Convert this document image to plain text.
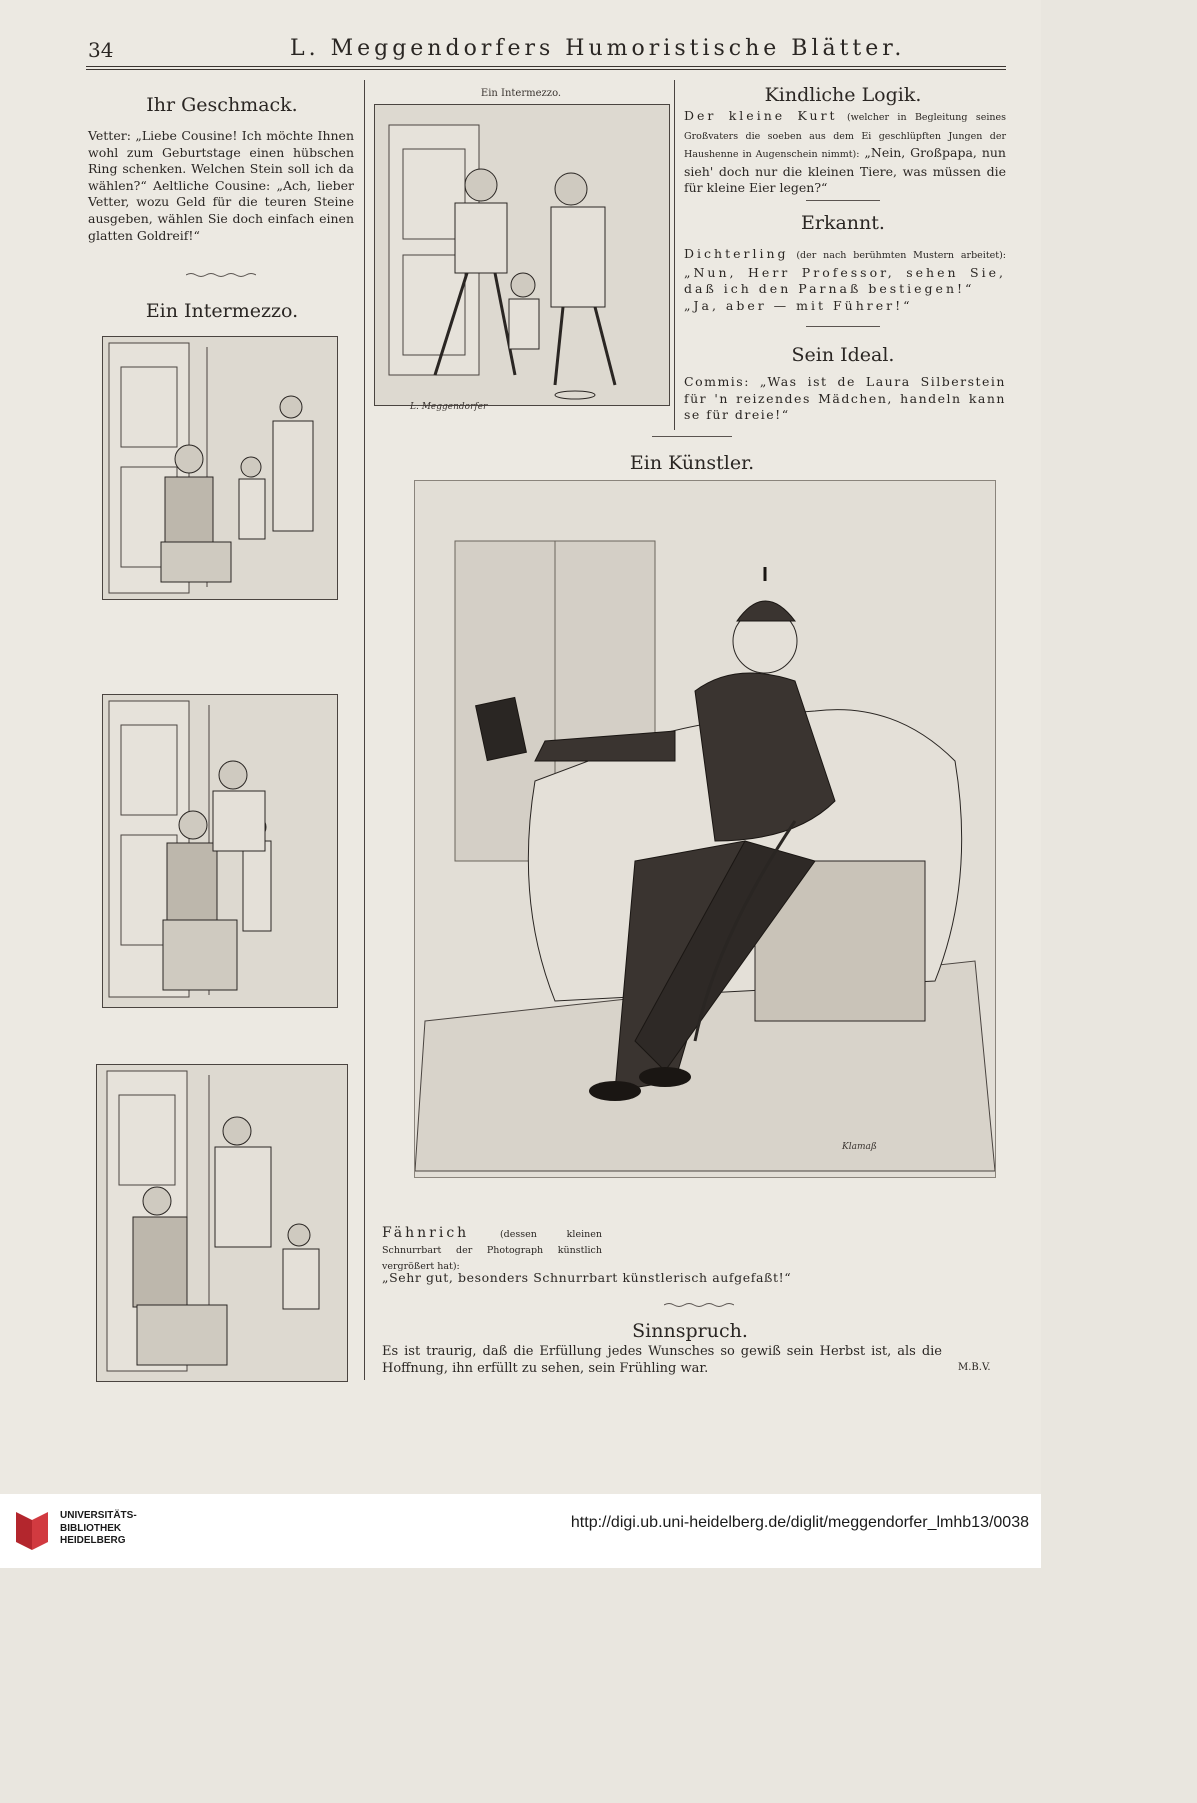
34	L. Meggendorfers Humoristische Blätter.
Ihr Geschmack.
Vetter: „Liebe Cousine! Ich möchte Ihnen wohl zum Geburtstage einen hübschen Ring schenken. Welchen Stein soll ich da wählen?“ Aeltliche Cousine: „Ach, lieber Vetter, wozu Geld für die teuren Steine ausgeben, wählen Sie doch einfach einen glatten Goldreif!“
Ein Intermezzo.
Ein Intermezzo.
L. Meggendorfer
Kindliche Logik.
Der kleine Kurt (welcher in Begleitung seines Großvaters die soeben aus dem Ei geschlüpften Jungen der Haushenne in Augenschein nimmt): „Nein, Großpapa, nun sieh' doch nur die kleinen Tiere, was müssen die für kleine Eier legen?“
Erkannt.
Dichterling (der nach berühmten Mustern arbeitet): „Nun, Herr Professor, sehen Sie, daß ich den Parnaß bestiegen!“
„Ja, aber — mit Führer!“
Sein Ideal.
Commis: „Was ist de Laura Silberstein für 'n reizendes Mädchen, handeln kann se für dreie!“
Ein Künstler.
Klamaß
Fähnrich	(dessen kleinen Schnurrbart der Photograph künstlich vergrößert hat):
„Sehr gut, besonders Schnurrbart künstlerisch aufgefaßt!“
Sinnspruch.
Es ist traurig, daß die Erfüllung jedes Wunsches so gewiß sein Herbst ist, als die Hoffnung, ihn erfüllt zu sehen, sein Frühling war.	M.B.V.
UNIVERSITÄTS-
BIBLIOTHEK
HEIDELBERG
http://digi.ub.uni-heidelberg.de/diglit/meggendorfer_lmhb13/0038
